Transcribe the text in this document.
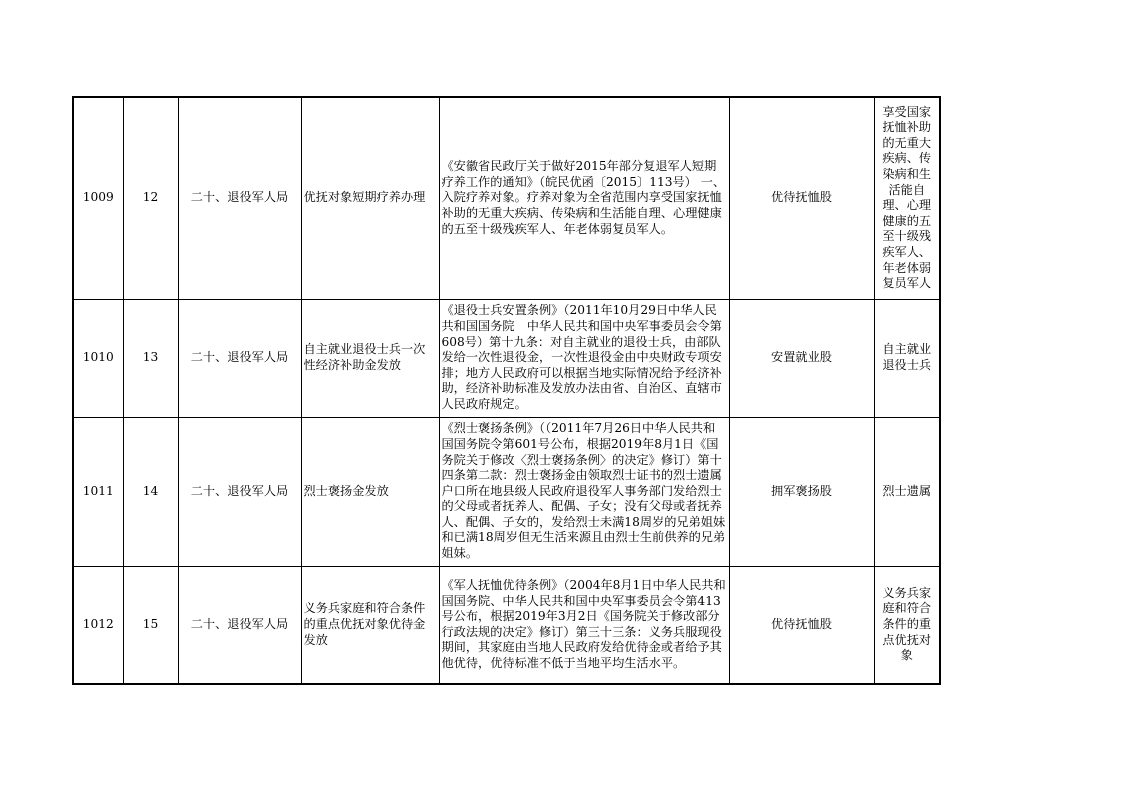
1009	12	二十、退役军人局	优抚对象短期疗养办理	《安徽省民政厅关于做好2015年部分复退军人短期疗养工作的通知》（皖民优函〔2015〕113号） 一、入院疗养对象。疗养对象为全省范围内享受国家抚恤补助的无重大疾病、传染病和生活能自理、心理健康的五至十级残疾军人、年老体弱复员军人。	优待抚恤股	享受国家抚恤补助的无重大疾病、传染病和生活能自理、心理健康的五至十级残疾军人、年老体弱复员军人
1010	13	二十、退役军人局	自主就业退役士兵一次性经济补助金发放	《退役士兵安置条例》（2011年10月29日中华人民共和国国务院　中华人民共和国中央军事委员会令第608号）第十九条：对自主就业的退役士兵，由部队发给一次性退役金，一次性退役金由中央财政专项安排；地方人民政府可以根据当地实际情况给予经济补助，经济补助标准及发放办法由省、自治区、直辖市人民政府规定。	安置就业股	自主就业退役士兵
1011	14	二十、退役军人局	烈士褒扬金发放	《烈士褒扬条例》（（2011年7月26日中华人民共和国国务院令第601号公布，根据2019年8月1日《国务院关于修改〈烈士褒扬条例〉的决定》修订）第十四条第二款：烈士褒扬金由领取烈士证书的烈士遗属户口所在地县级人民政府退役军人事务部门发给烈士的父母或者抚养人、配偶、子女；没有父母或者抚养人、配偶、子女的，发给烈士未满18周岁的兄弟姐妹和已满18周岁但无生活来源且由烈士生前供养的兄弟姐妹。	拥军褒扬股	烈士遗属
1012	15	二十、退役军人局	义务兵家庭和符合条件的重点优抚对象优待金发放	《军人抚恤优待条例》（2004年8月1日中华人民共和国国务院、中华人民共和国中央军事委员会令第413号公布，根据2019年3月2日《国务院关于修改部分行政法规的决定》修订）第三十三条：义务兵服现役期间，其家庭由当地人民政府发给优待金或者给予其他优待，优待标准不低于当地平均生活水平。	优待抚恤股	义务兵家庭和符合条件的重点优抚对象
